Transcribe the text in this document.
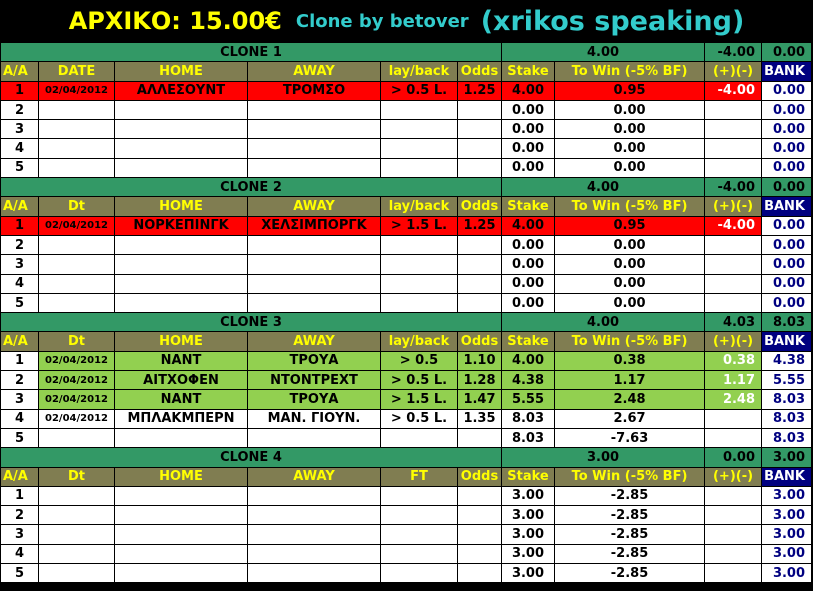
ΑΡΧΙΚΟ: 15.00€ Clone by betover (xrikos speaking)
CLONE 1						4.00		-4.00	0.00
A/A	DATE	HOME	AWAY	lay/back	Odds	Stake	To Win (-5% BF)	(+)(-)	BANK
1	02/04/2012	ΑΛΛΕΣΟΥΝΤ	ΤΡΟΜΣΟ	> 0.5 L.	1.25	4.00	0.95	-4.00	0.00
2						0.00	0.00		0.00
3						0.00	0.00		0.00
4						0.00	0.00		0.00
5						0.00	0.00		0.00
CLONE 2						4.00		-4.00	0.00
A/A	Dt	HOME	AWAY	lay/back	Odds	Stake	To Win (-5% BF)	(+)(-)	BANK
1	02/04/2012	ΝΟΡΚΕΠΙΝΓΚ	ΧΕΛΣΙΜΠΟΡΓΚ	> 1.5 L.	1.25	4.00	0.95	-4.00	0.00
2						0.00	0.00		0.00
3						0.00	0.00		0.00
4						0.00	0.00		0.00
5						0.00	0.00		0.00
CLONE 3						4.00		4.03	8.03
A/A	Dt	HOME	AWAY	lay/back	Odds	Stake	To Win (-5% BF)	(+)(-)	BANK
1	02/04/2012	ΝΑΝΤ	ΤΡΟΥΑ	> 0.5	1.10	4.00	0.38	0.38	4.38
2	02/04/2012	ΑΙΤΧΟΦΕΝ	ΝΤΟΝΤΡΕΧΤ	> 0.5 L.	1.28	4.38	1.17	1.17	5.55
3	02/04/2012	ΝΑΝΤ	ΤΡΟΥΑ	> 1.5 L.	1.47	5.55	2.48	2.48	8.03
4	02/04/2012	ΜΠΛΑΚΜΠΕΡΝ	ΜΑΝ. ΓΙΟΥΝ.	> 0.5 L.	1.35	8.03	2.67		8.03
5						8.03	-7.63		8.03
CLONE 4						3.00		0.00	3.00
A/A	Dt	HOME	AWAY	FT	Odds	Stake	To Win (-5% BF)	(+)(-)	BANK
1						3.00	-2.85		3.00
2						3.00	-2.85		3.00
3						3.00	-2.85		3.00
4						3.00	-2.85		3.00
5						3.00	-2.85		3.00
